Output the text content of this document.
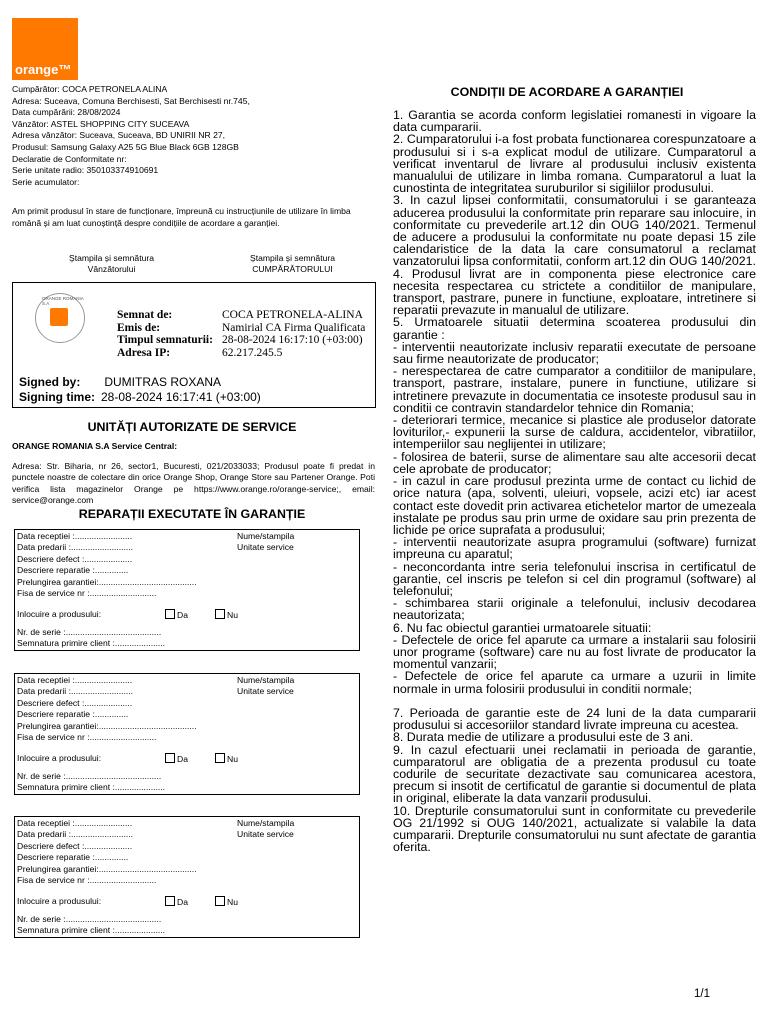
orange™
Cumpărător: COCA PETRONELA ALINA
Adresa: Suceava, Comuna Berchisesti, Sat Berchisesti nr.745,
Data cumpărării: 28/08/2024
Vânzător: ASTEL SHOPPING CITY SUCEAVA
Adresa vânzător: Suceava, Suceava, BD UNIRII NR 27,
Produsul: Samsung Galaxy A25 5G Blue Black 6GB 128GB
Declaratie de Conformitate nr:
Serie unitate radio: 350103374910691
Serie acumulator:
Am primit produsul în stare de funcționare, împreună cu instrucțiunile de utilizare în limba română și am luat cunoștință despre condițiile de acordare a garanției.
Ștampila și semnătura
Vânzătorului
Ștampila și semnătura
CUMPĂRĂTORULUI
ORANGE ROMANIA S.A
Semnat de:	COCA PETRONELA-ALINA
Emis de:	Namirial CA Firma Qualificata
Timpul semnaturii: 28-08-2024 16:17:10 (+03:00)
Adresa IP:	62.217.245.5
Signed by: DUMITRAS ROXANA
Signing time: 28-08-2024 16:17:41 (+03:00)
UNITĂȚI AUTORIZATE DE SERVICE
ORANGE ROMANIA S.A Service Central:
Adresa: Str. Biharia, nr 26, sector1, Bucuresti, 021/2033033; Produsul poate fi predat in punctele noastre de colectare din orice Orange Shop, Orange Store sau Partener Orange. Poti verifica lista magazinelor Orange pe https://www.orange.ro/orange-service;, email: service@orange.com
REPARAȚII EXECUTATE ÎN GARANȚIE
Data receptiei :........................
Data predarii :..........................
Descriere defect :....................
Descriere reparatie :..............
Prelungirea garantiei:.........................................
Fisa de service nr :............................
Nume/stampila
Unitate service
Inlocuire a produsului:	Da	Nu
Nr. de serie :........................................
Semnatura primire client :.....................
Data receptiei :........................
Data predarii :..........................
Descriere defect :....................
Descriere reparatie :..............
Prelungirea garantiei:.........................................
Fisa de service nr :............................
Nume/stampila
Unitate service
Inlocuire a produsului:	Da	Nu
Nr. de serie :........................................
Semnatura primire client :.....................
Data receptiei :........................
Data predarii :..........................
Descriere defect :....................
Descriere reparatie :..............
Prelungirea garantiei:.........................................
Fisa de service nr :............................
Nume/stampila
Unitate service
Inlocuire a produsului:	Da	Nu
Nr. de serie :........................................
Semnatura primire client :.....................
CONDIȚII DE ACORDARE A GARANȚIEI

1. Garantia se acorda conform legislatiei romanesti in vigoare la data cumpararii.

2. Cumparatorului i-a fost probata functionarea corespunzatoare a produsului si i s-a explicat modul de utilizare. Cumparatorul a verificat inventarul de livrare al produsului inclusiv existenta manualului de utilizare in limba romana. Cumparatorul a luat la cunostinta de integritatea suruburilor si sigiliilor produsului.

3. In cazul lipsei conformitatii, consumatorului i se garanteaza aducerea produsului la conformitate prin reparare sau inlocuire, in conformitate cu prevederile art.12 din OUG 140/2021. Termenul de aducere a produsului la conformitate nu poate depasi 15 zile calendaristice de la data la care consumatorul a reclamat vanzatorului lipsa conformitatii, conform art.12 din OUG 140/2021.

4. Produsul livrat are in componenta piese electronice care necesita respectarea cu strictete a conditiilor de manipulare, transport, pastrare, punere in functiune, exploatare, intretinere si reparatii prevazute in manualul de utilizare.

5. Urmatoarele situatii determina scoaterea produsului din garantie :

- interventii neautorizate inclusiv reparatii executate de persoane sau firme neautorizate de producator;

- nerespectarea de catre cumparator a conditiilor de manipulare, transport, pastrare, instalare, punere in functiune, utilizare si intretinere prevazute in documentatia ce insoteste produsul sau in conditii ce contravin standardelor tehnice din Romania;

- deteriorari termice, mecanice si plastice ale produselor datorate loviturilor,- expunerii la surse de caldura, accidentelor, vibratiilor, intemperiilor sau neglijentei in utilizare;

- folosirea de baterii, surse de alimentare sau alte accesorii decat cele aprobate de producator;

- in cazul in care produsul prezinta urme de contact cu lichid de orice natura (apa, solventi, uleiuri, vopsele, acizi etc) iar acest contact este dovedit prin activarea etichetelor martor de umezeala instalate pe produs sau prin urme de oxidare sau prin prezenta de lichide pe orice suprafata a produsului;

- interventii neautorizate asupra programului (software) furnizat impreuna cu aparatul;

- neconcordanta intre seria telefonului inscrisa in certificatul de garantie, cel inscris pe telefon si cel din programul (software) al telefonului;

- schimbarea starii originale a telefonului, inclusiv decodarea neautorizata;

6. Nu fac obiectul garantiei urmatoarele situatii:

- Defectele de orice fel aparute ca urmare a instalarii sau folosirii unor programe (software) care nu au fost livrate de producator la momentul vanzarii;

- Defectele de orice fel aparute ca urmare a uzurii in limite normale in urma folosirii produsului in conditii normale;

7. Perioada de garantie este de 24 luni de la data cumpararii produsului si accesoriilor standard livrate impreuna cu acestea.

8. Durata medie de utilizare a produsului este de 3 ani.

9. In cazul efectuarii unei reclamatii in perioada de garantie, cumparatorul are obligatia de a prezenta produsul cu toate codurile de securitate dezactivate sau comunicarea acestora, precum si insotit de certificatul de garantie si documentul de plata in original, eliberate la data vanzarii produsului.

10. Drepturile consumatorului sunt in conformitate cu prevederile OG 21/1992 si OUG 140/2021, actualizate si valabile la data cumpararii. Drepturile consumatorului nu sunt afectate de garantia oferita.

1/1
